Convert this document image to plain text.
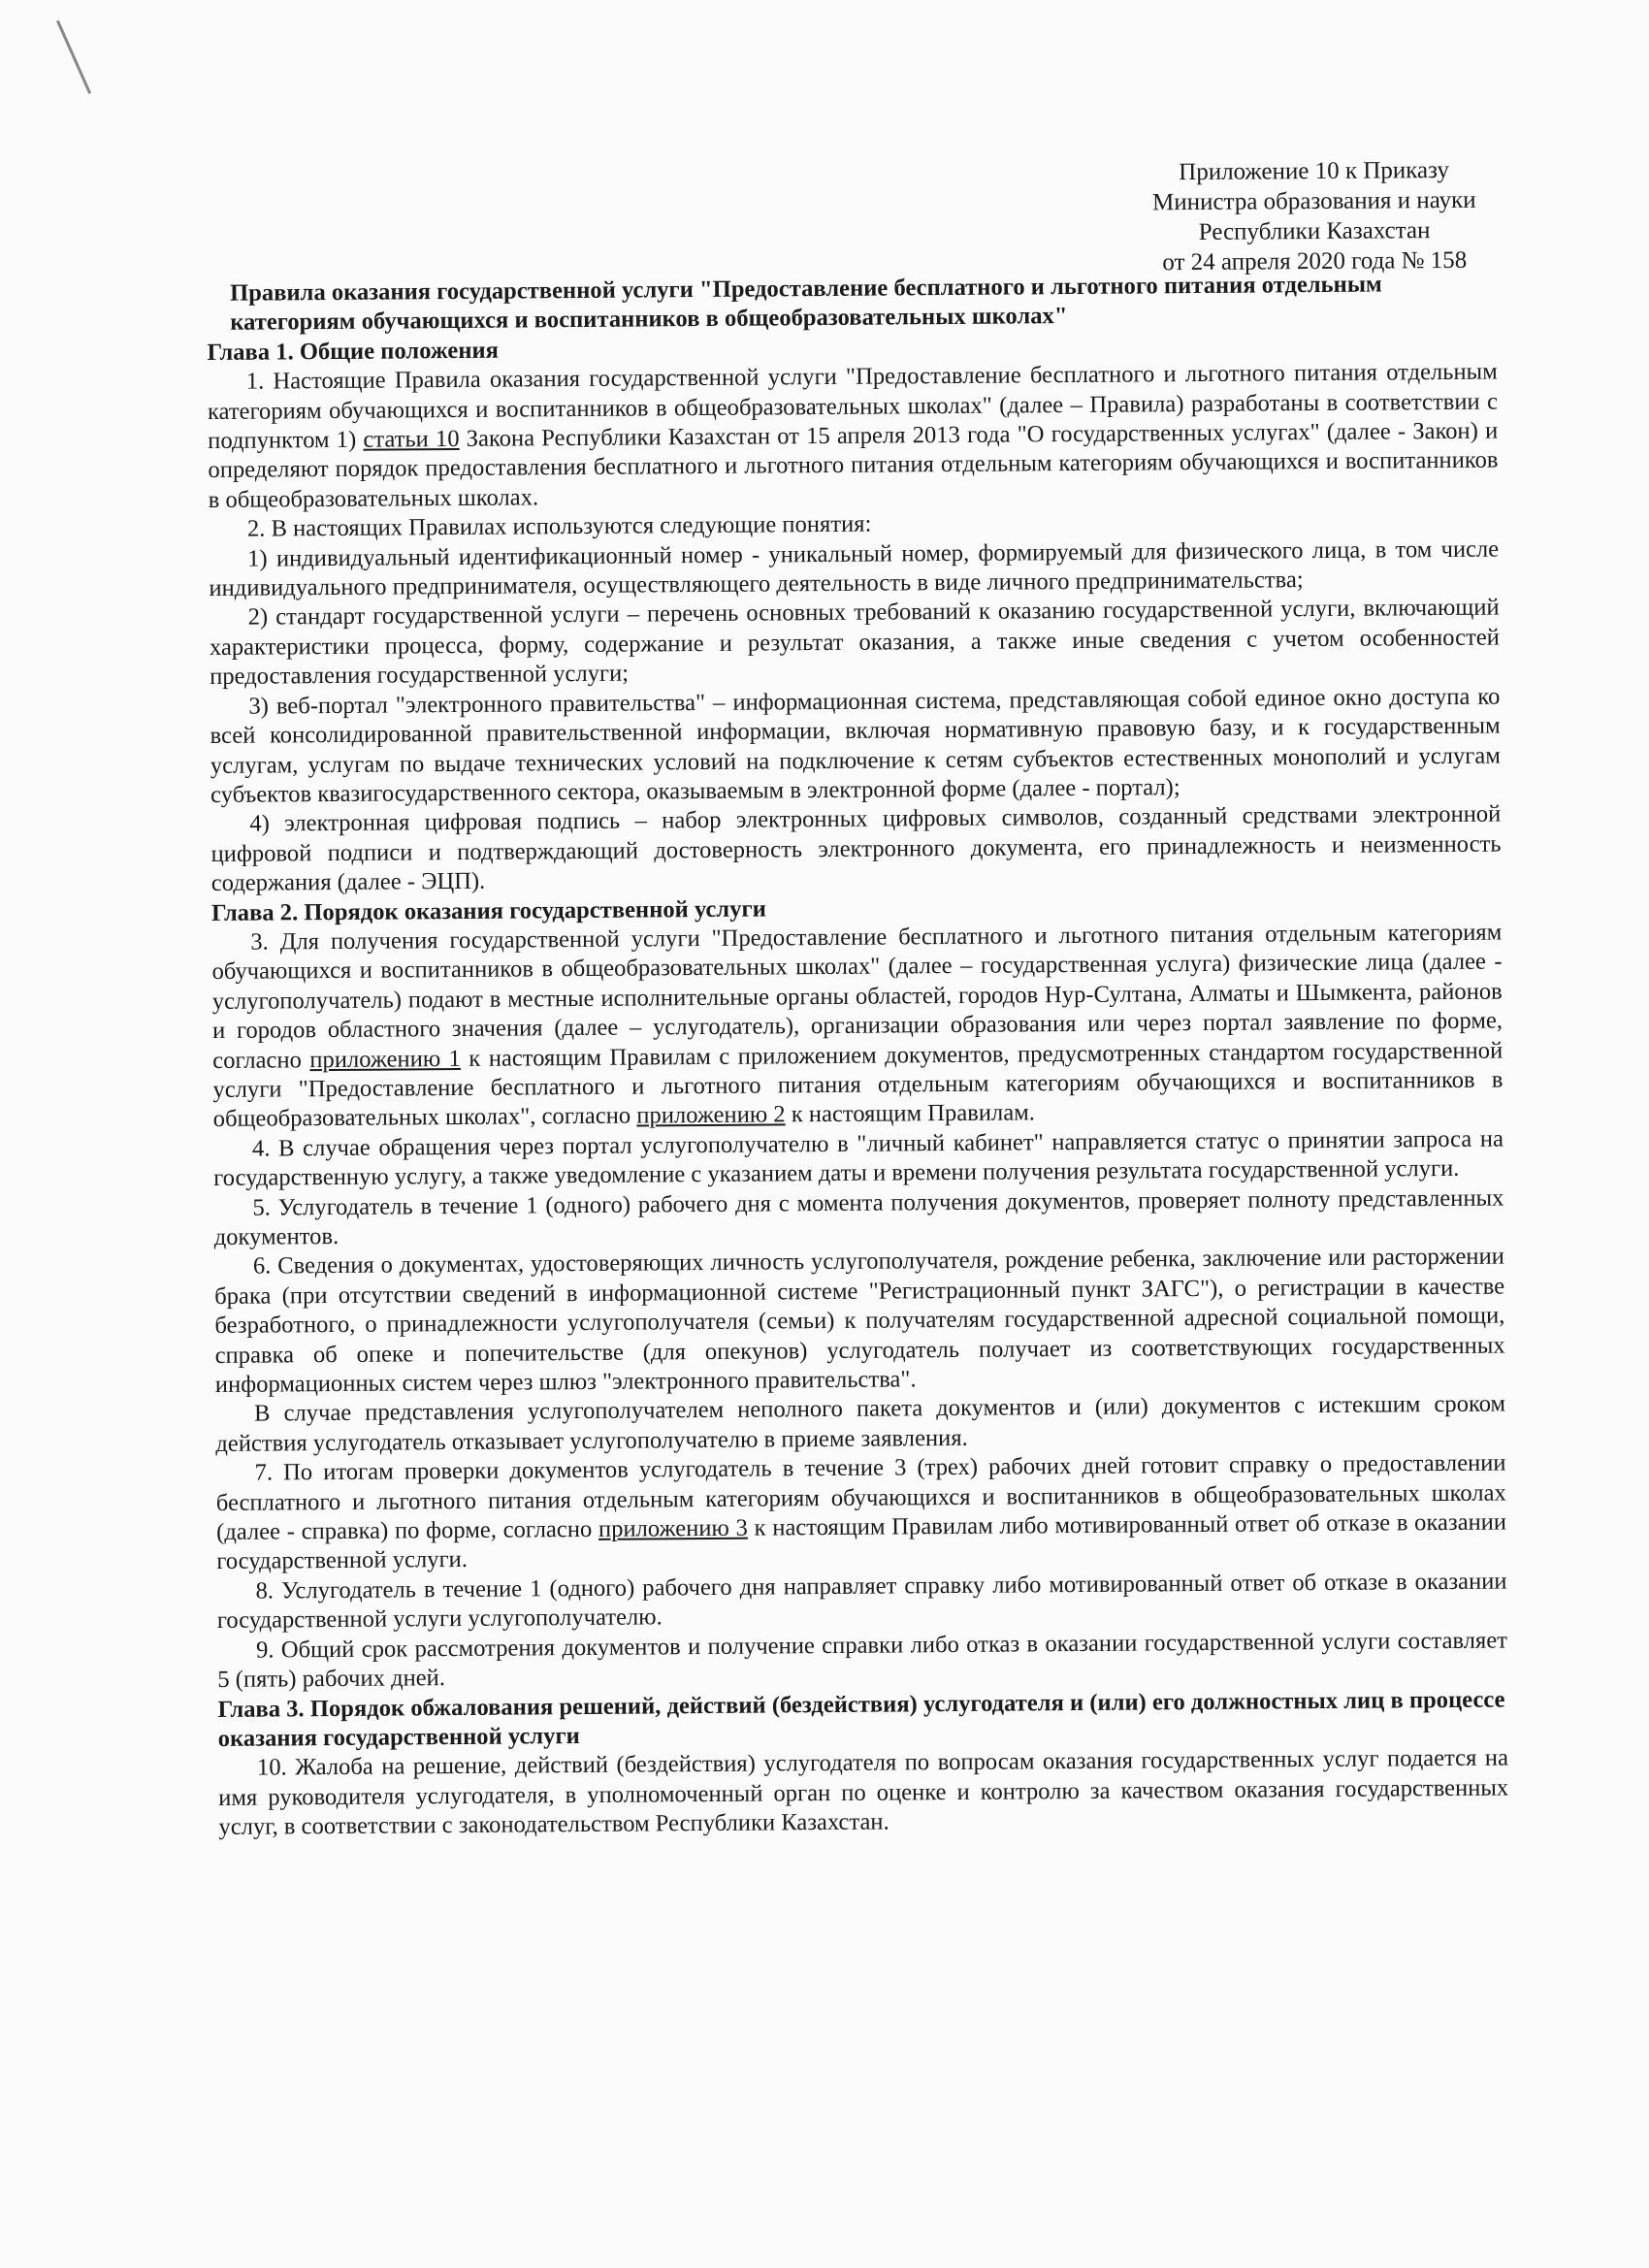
Приложение 10 к Приказу
Министра образования и науки
Республики Казахстан
от 24 апреля 2020 года № 158

Правила оказания государственной услуги "Предоставление бесплатного и льготного питания отдельным категориям обучающихся и воспитанников в общеобразовательных школах"

Глава 1. Общие положения

1. Настоящие Правила оказания государственной услуги "Предоставление бесплатного и льготного питания отдельным категориям обучающихся и воспитанников в общеобразовательных школах" (далее – Правила) разработаны в соответствии с подпунктом 1) статьи 10 Закона Республики Казахстан от 15 апреля 2013 года "О государственных услугах" (далее - Закон) и определяют порядок предоставления бесплатного и льготного питания отдельным категориям обучающихся и воспитанников в общеобразовательных школах.

2. В настоящих Правилах используются следующие понятия:

1) индивидуальный идентификационный номер - уникальный номер, формируемый для физического лица, в том числе индивидуального предпринимателя, осуществляющего деятельность в виде личного предпринимательства;

2) стандарт государственной услуги – перечень основных требований к оказанию государственной услуги, включающий характеристики процесса, форму, содержание и результат оказания, а также иные сведения с учетом особенностей предоставления государственной услуги;

3) веб-портал "электронного правительства" – информационная система, представляющая собой единое окно доступа ко всей консолидированной правительственной информации, включая нормативную правовую базу, и к государственным услугам, услугам по выдаче технических условий на подключение к сетям субъектов естественных монополий и услугам субъектов квазигосударственного сектора, оказываемым в электронной форме (далее - портал);

4) электронная цифровая подпись – набор электронных цифровых символов, созданный средствами электронной цифровой подписи и подтверждающий достоверность электронного документа, его принадлежность и неизменность содержания (далее - ЭЦП).

Глава 2. Порядок оказания государственной услуги

3. Для получения государственной услуги "Предоставление бесплатного и льготного питания отдельным категориям обучающихся и воспитанников в общеобразовательных школах" (далее – государственная услуга) физические лица (далее - услугополучатель) подают в местные исполнительные органы областей, городов Нур-Султана, Алматы и Шымкента, районов и городов областного значения (далее – услугодатель), организации образования или через портал заявление по форме, согласно приложению 1 к настоящим Правилам с приложением документов, предусмотренных стандартом государственной услуги "Предоставление бесплатного и льготного питания отдельным категориям обучающихся и воспитанников в общеобразовательных школах", согласно приложению 2 к настоящим Правилам.

4. В случае обращения через портал услугополучателю в "личный кабинет" направляется статус о принятии запроса на государственную услугу, а также уведомление с указанием даты и времени получения результата государственной услуги.

5. Услугодатель в течение 1 (одного) рабочего дня с момента получения документов, проверяет полноту представленных документов.

6. Сведения о документах, удостоверяющих личность услугополучателя, рождение ребенка, заключение или расторжении брака (при отсутствии сведений в информационной системе "Регистрационный пункт ЗАГС"), о регистрации в качестве безработного, о принадлежности услугополучателя (семьи) к получателям государственной адресной социальной помощи, справка об опеке и попечительстве (для опекунов) услугодатель получает из соответствующих государственных информационных систем через шлюз "электронного правительства".

В случае представления услугополучателем неполного пакета документов и (или) документов с истекшим сроком действия услугодатель отказывает услугополучателю в приеме заявления.

7. По итогам проверки документов услугодатель в течение 3 (трех) рабочих дней готовит справку о предоставлении бесплатного и льготного питания отдельным категориям обучающихся и воспитанников в общеобразовательных школах (далее - справка) по форме, согласно приложению 3 к настоящим Правилам либо мотивированный ответ об отказе в оказании государственной услуги.

8. Услугодатель в течение 1 (одного) рабочего дня направляет справку либо мотивированный ответ об отказе в оказании государственной услуги услугополучателю.

9. Общий срок рассмотрения документов и получение справки либо отказ в оказании государственной услуги составляет 5 (пять) рабочих дней.

Глава 3. Порядок обжалования решений, действий (бездействия) услугодателя и (или) его должностных лиц в процессе оказания государственной услуги

10. Жалоба на решение, действий (бездействия) услугодателя по вопросам оказания государственных услуг подается на имя руководителя услугодателя, в уполномоченный орган по оценке и контролю за качеством оказания государственных услуг, в соответствии с законодательством Республики Казахстан.
